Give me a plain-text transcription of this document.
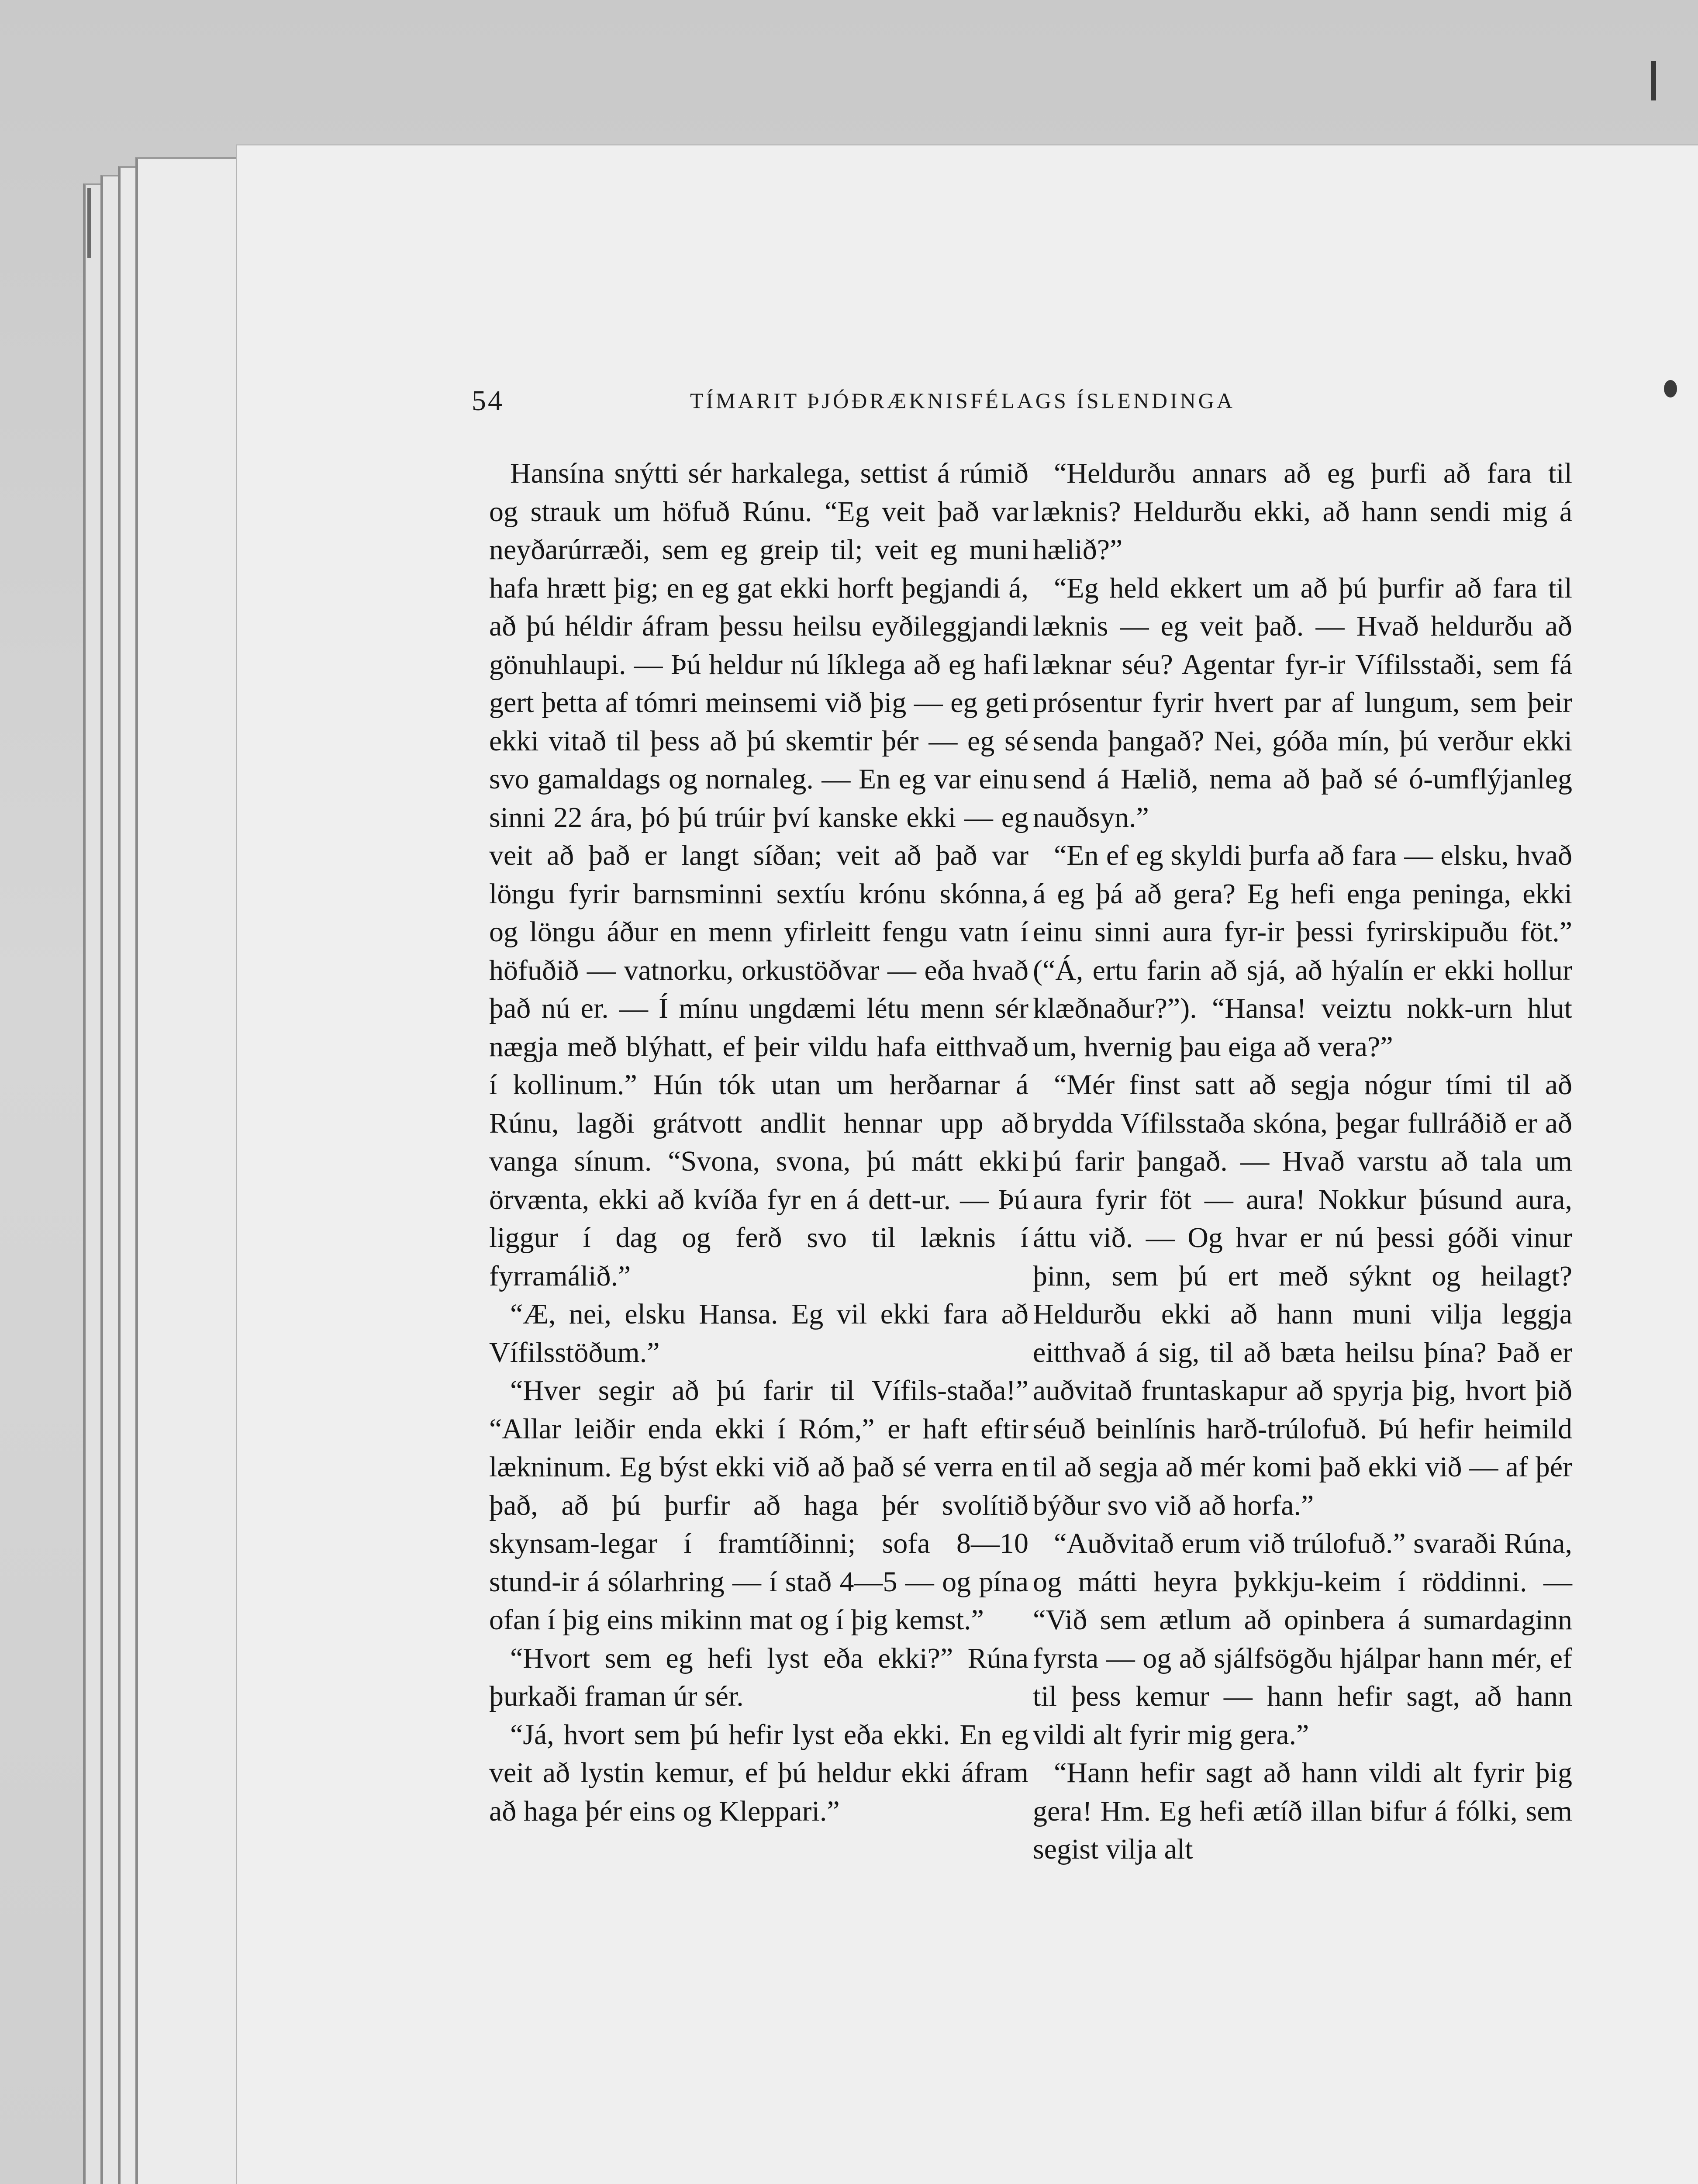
54	TÍMARIT ÞJÓÐRÆKNISFÉLAGS ÍSLENDINGA

Hansína snýtti sér harkalega, settist á rúmið og strauk um höfuð Rúnu. “Eg veit það var neyðarúrræði, sem eg greip til; veit eg muni hafa hrætt þig; en eg gat ekki horft þegjandi á, að þú héldir áfram þessu heilsu eyðileggjandi gönuhlaupi. — Þú heldur nú líklega að eg hafi gert þetta af tómri meinsemi við þig — eg geti ekki vitað til þess að þú skemtir þér — eg sé svo gamaldags og nornaleg. — En eg var einu sinni 22 ára, þó þú trúir því kanske ekki — eg veit að það er langt síðan; veit að það var löngu fyrir barnsminni sextíu krónu skónna, og löngu áður en menn yfirleitt fengu vatn í höfuðið — vatnorku, orkustöðvar — eða hvað það nú er. — Í mínu ungdæmi létu menn sér nægja með blýhatt, ef þeir vildu hafa eitthvað í kollinum.” Hún tók utan um herðarnar á Rúnu, lagði grátvott andlit hennar upp að vanga sínum. “Svona, svona, þú mátt ekki örvænta, ekki að kvíða fyr en á dett-ur. — Þú liggur í dag og ferð svo til læknis í fyrramálið.”

“Æ, nei, elsku Hansa. Eg vil ekki fara að Vífilsstöðum.”

“Hver segir að þú farir til Vífils-staða!” “Allar leiðir enda ekki í Róm,” er haft eftir lækninum. Eg býst ekki við að það sé verra en það, að þú þurfir að haga þér svolítið skynsam-legar í framtíðinni; sofa 8—10 stund-ir á sólarhring — í stað 4—5 — og pína ofan í þig eins mikinn mat og í þig kemst.”

“Hvort sem eg hefi lyst eða ekki?” Rúna þurkaði framan úr sér.

“Já, hvort sem þú hefir lyst eða ekki. En eg veit að lystin kemur, ef þú heldur ekki áfram að haga þér eins og Kleppari.”

“Heldurðu annars að eg þurfi að fara til læknis? Heldurðu ekki, að hann sendi mig á hælið?”

“Eg held ekkert um að þú þurfir að fara til læknis — eg veit það. — Hvað heldurðu að læknar séu? Agentar fyr-ir Vífilsstaði, sem fá prósentur fyrir hvert par af lungum, sem þeir senda þangað? Nei, góða mín, þú verður ekki send á Hælið, nema að það sé ó-umflýjanleg nauðsyn.”

“En ef eg skyldi þurfa að fara — elsku, hvað á eg þá að gera? Eg hefi enga peninga, ekki einu sinni aura fyr-ir þessi fyrirskipuðu föt.” (“Á, ertu farin að sjá, að hýalín er ekki hollur klæðnaður?”). “Hansa! veiztu nokk-urn hlut um, hvernig þau eiga að vera?”

“Mér finst satt að segja nógur tími til að brydda Vífilsstaða skóna, þegar fullráðið er að þú farir þangað. — Hvað varstu að tala um aura fyrir föt — aura! Nokkur þúsund aura, áttu við. — Og hvar er nú þessi góði vinur þinn, sem þú ert með sýknt og heilagt? Heldurðu ekki að hann muni vilja leggja eitthvað á sig, til að bæta heilsu þína? Það er auðvitað fruntaskapur að spyrja þig, hvort þið séuð beinlínis harð-trúlofuð. Þú hefir heimild til að segja að mér komi það ekki við — af þér býður svo við að horfa.”

“Auðvitað erum við trúlofuð.” svaraði Rúna, og mátti heyra þykkju-keim í röddinni. — “Við sem ætlum að opinbera á sumardaginn fyrsta — og að sjálfsögðu hjálpar hann mér, ef til þess kemur — hann hefir sagt, að hann vildi alt fyrir mig gera.”

“Hann hefir sagt að hann vildi alt fyrir þig gera! Hm. Eg hefi ætíð illan bifur á fólki, sem segist vilja alt
